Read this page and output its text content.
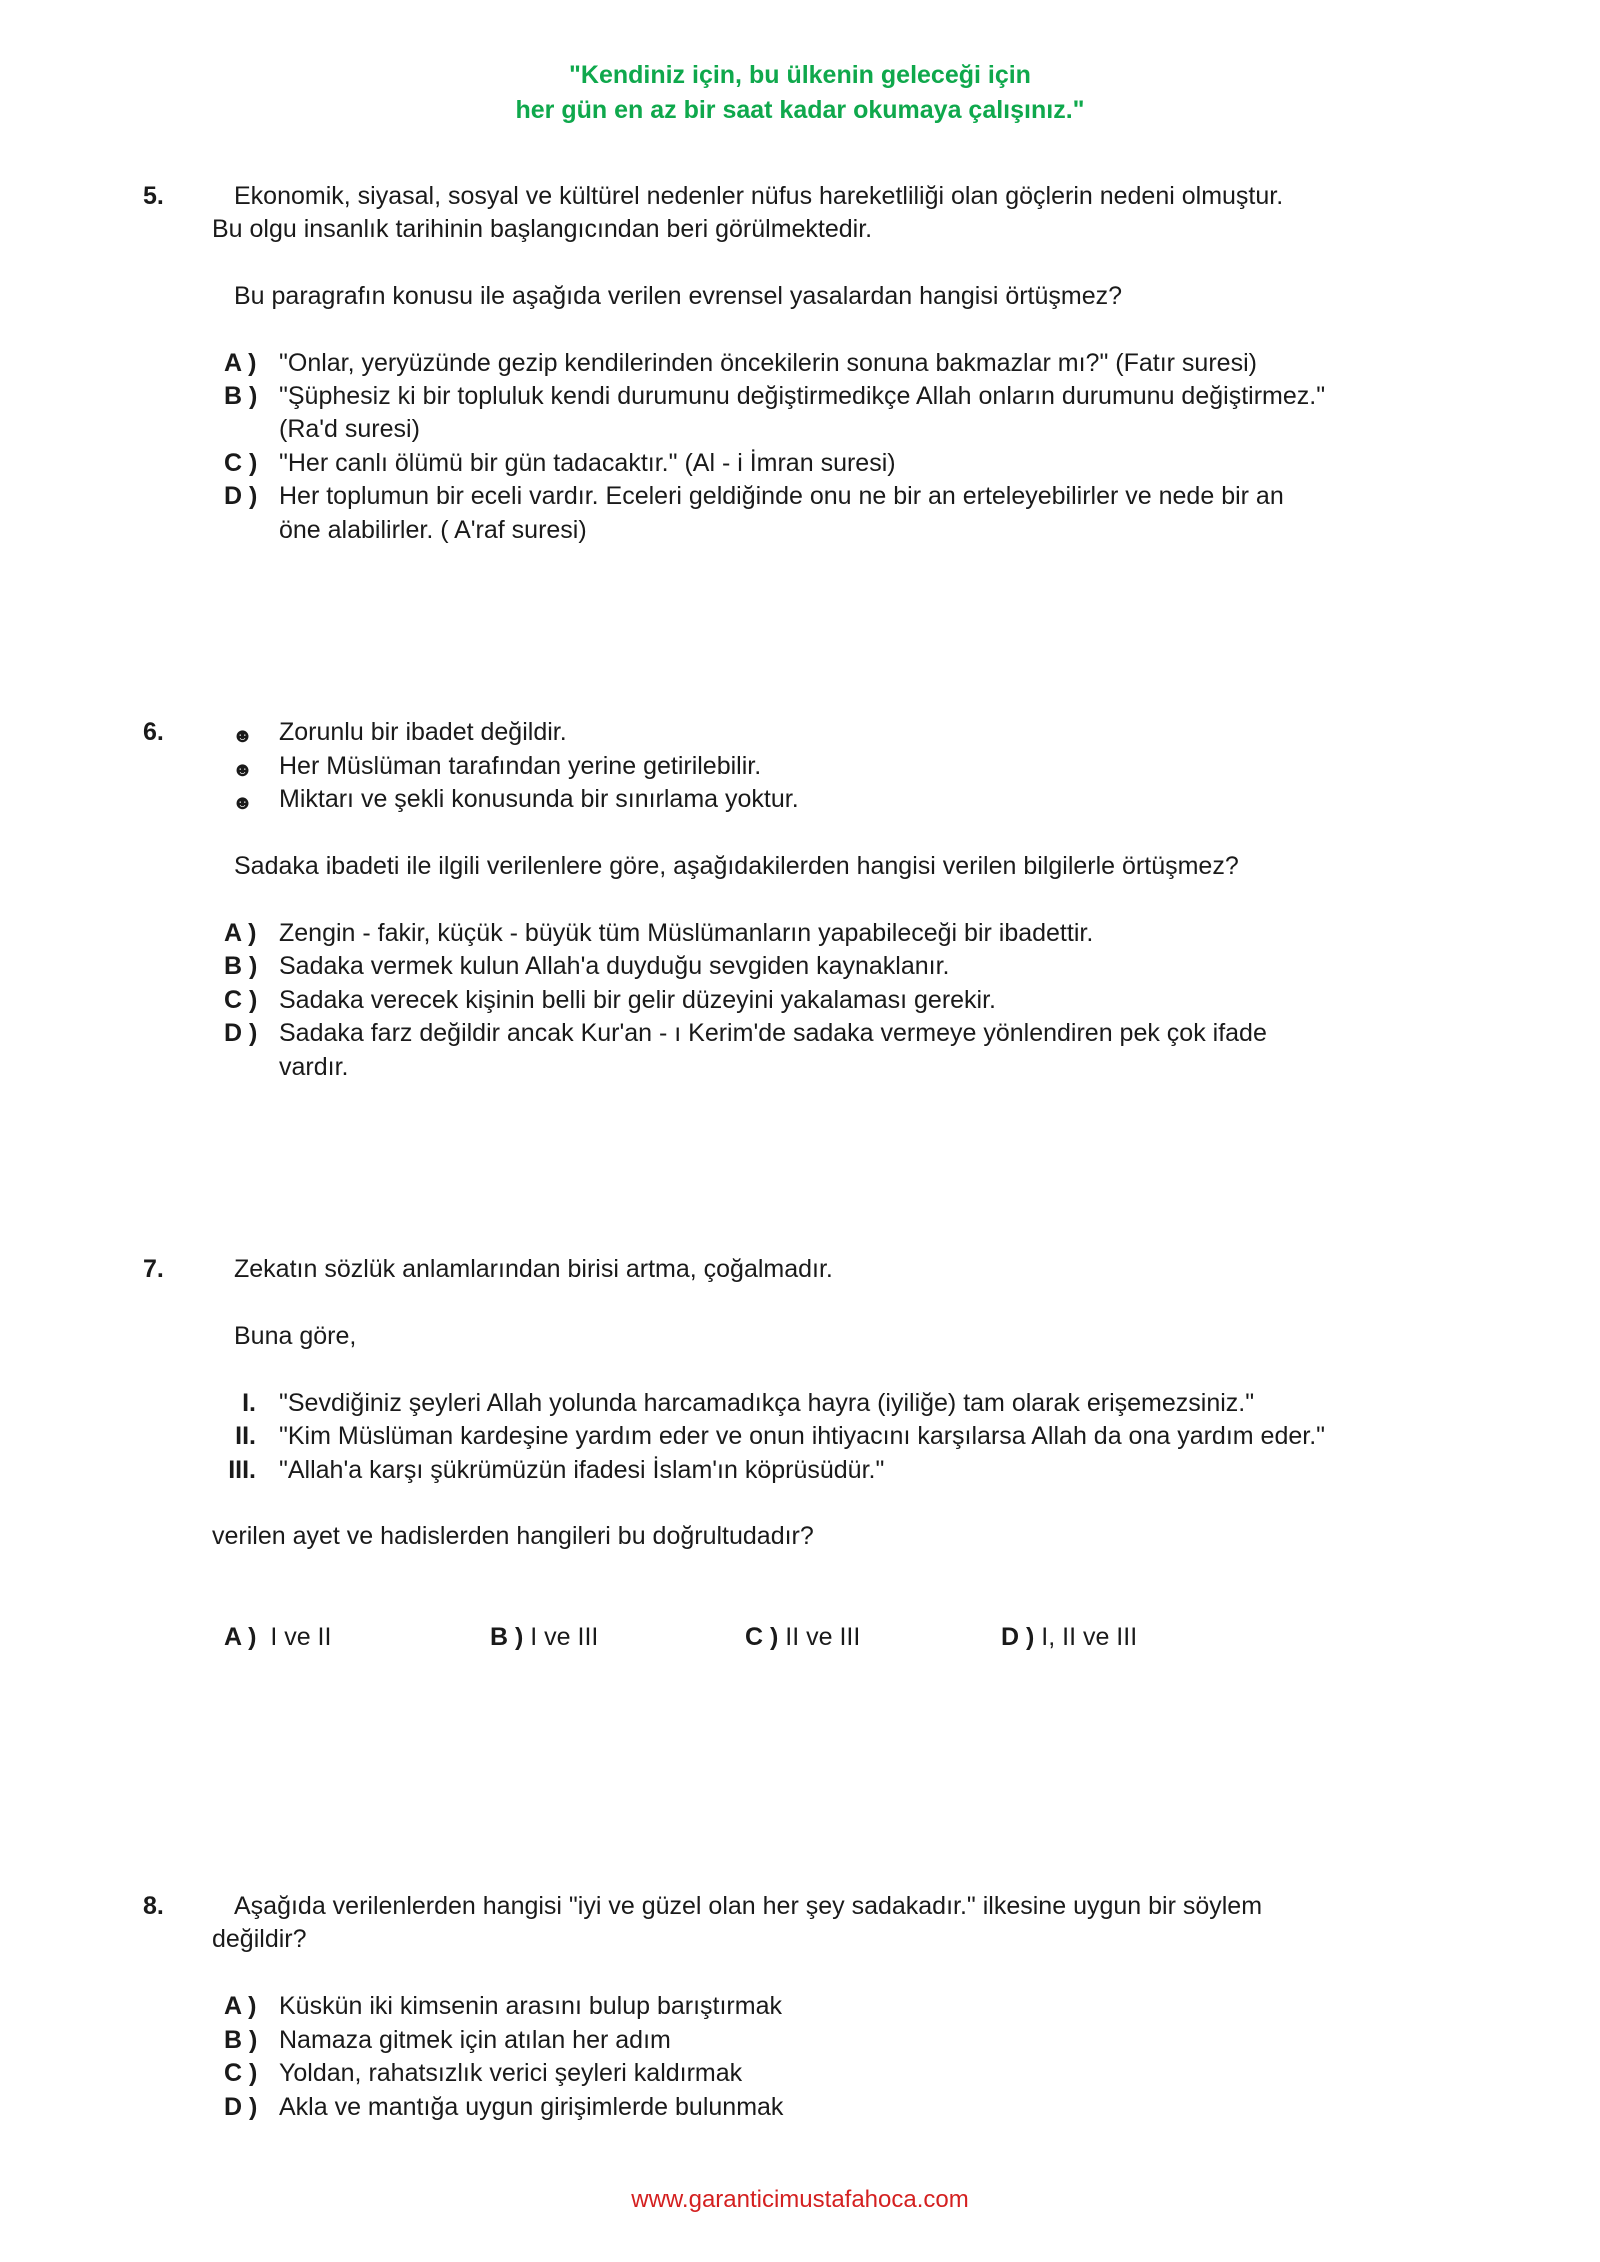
"Kendiniz için, bu ülkenin geleceği için
her gün en az bir saat kadar okumaya çalışınız."
5.	Ekonomik, siyasal, sosyal ve kültürel nedenler nüfus hareketliliği olan göçlerin nedeni olmuştur.
Bu olgu insanlık tarihinin başlangıcından beri görülmektedir.
Bu paragrafın konusu ile aşağıda verilen evrensel yasalardan hangisi örtüşmez?
A ) "Onlar, yeryüzünde gezip kendilerinden öncekilerin sonuna bakmazlar mı?" (Fatır suresi)
B ) "Şüphesiz ki bir topluluk kendi durumunu değiştirmedikçe Allah onların durumunu değiştirmez."
(Ra'd suresi)
C ) "Her canlı ölümü bir gün tadacaktır." (Al - i İmran suresi)
D ) Her toplumun bir eceli vardır. Eceleri geldiğinde onu ne bir an erteleyebilirler ve nede bir an
öne alabilirler. ( A'raf suresi)
6.	☻ Zorunlu bir ibadet değildir.
☻ Her Müslüman tarafından yerine getirilebilir.
☻ Miktarı ve şekli konusunda bir sınırlama yoktur.
Sadaka ibadeti ile ilgili verilenlere göre, aşağıdakilerden hangisi verilen bilgilerle örtüşmez?
A ) Zengin - fakir, küçük - büyük tüm Müslümanların yapabileceği bir ibadettir.
B ) Sadaka vermek kulun Allah'a duyduğu sevgiden kaynaklanır.
C ) Sadaka verecek kişinin belli bir gelir düzeyini yakalaması gerekir.
D ) Sadaka farz değildir ancak Kur'an - ı Kerim'de sadaka vermeye yönlendiren pek çok ifade
vardır.
7.	Zekatın sözlük anlamlarından birisi artma, çoğalmadır.
Buna göre,
I. "Sevdiğiniz şeyleri Allah yolunda harcamadıkça hayra (iyiliğe) tam olarak erişemezsiniz."
II. "Kim Müslüman kardeşine yardım eder ve onun ihtiyacını karşılarsa Allah da ona yardım eder."
III. "Allah'a karşı şükrümüzün ifadesi İslam'ın köprüsüdür."
verilen ayet ve hadislerden hangileri bu doğrultudadır?
A ) I ve II	B ) I ve III	C ) II ve III	D ) I, II ve III
8.	Aşağıda verilenlerden hangisi "iyi ve güzel olan her şey sadakadır." ilkesine uygun bir söylem
değildir?
A ) Küskün iki kimsenin arasını bulup barıştırmak
B ) Namaza gitmek için atılan her adım
C ) Yoldan, rahatsızlık verici şeyleri kaldırmak
D ) Akla ve mantığa uygun girişimlerde bulunmak
www.garanticimustafahoca.com
